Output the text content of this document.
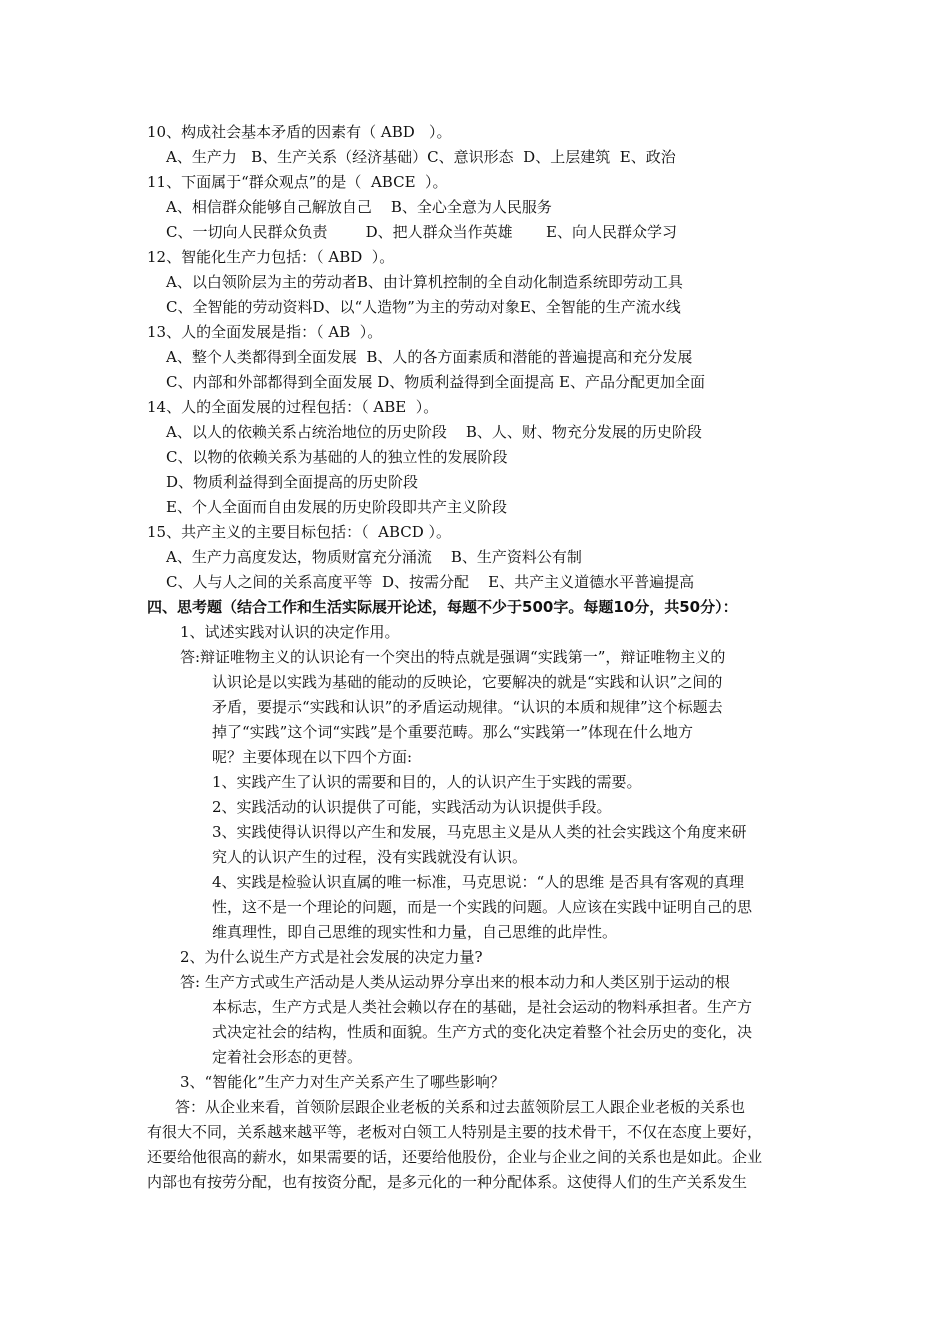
10、构成社会基本矛盾的因素有（ ABD   ）。
A、生产力   B、生产关系（经济基础）C、意识形态  D、上层建筑  E、政治
11、下面属于“群众观点”的是（  ABCE  ）。
A、相信群众能够自己解放自己    B、全心全意为人民服务
C、一切向人民群众负责        D、把人群众当作英雄       E、向人民群众学习
12、智能化生产力包括：（ ABD  ）。
A、以白领阶层为主的劳动者B、由计算机控制的全自动化制造系统即劳动工具
C、全智能的劳动资料D、以“人造物”为主的劳动对象E、全智能的生产流水线
13、人的全面发展是指：（ AB  ）。
A、整个人类都得到全面发展  B、人的各方面素质和潜能的普遍提高和充分发展
C、内部和外部都得到全面发展 D、物质利益得到全面提高 E、产品分配更加全面
14、人的全面发展的过程包括：（ ABE  ）。
A、以人的依赖关系占统治地位的历史阶段    B、人、财、物充分发展的历史阶段
C、以物的依赖关系为基础的人的独立性的发展阶段
D、物质利益得到全面提高的历史阶段
E、个人全面而自由发展的历史阶段即共产主义阶段
15、共产主义的主要目标包括：（  ABCD ）。
A、生产力高度发达，物质财富充分涌流    B、生产资料公有制
C、人与人之间的关系高度平等  D、按需分配    E、共产主义道德水平普遍提高
四、思考题（结合工作和生活实际展开论述，每题不少于500字。每题10分，共50分）：
1、试述实践对认识的决定作用。
答:辩证唯物主义的认识论有一个突出的特点就是强调“实践第一”，辩证唯物主义的
认识论是以实践为基础的能动的反映论，它要解决的就是“实践和认识”之间的
矛盾，要提示“实践和认识”的矛盾运动规律。“认识的本质和规律”这个标题去
掉了“实践”这个词“实践”是个重要范畴。那么“实践第一”体现在什么地方
呢？主要体现在以下四个方面:
1、实践产生了认识的需要和目的，人的认识产生于实践的需要。
2、实践活动的认识提供了可能，实践活动为认识提供手段。
3、实践使得认识得以产生和发展，马克思主义是从人类的社会实践这个角度来研
究人的认识产生的过程，没有实践就没有认识。
4、实践是检验认识直属的唯一标准，马克思说：“人的思维 是否具有客观的真理
性，这不是一个理论的问题，而是一个实践的问题。人应该在实践中证明自己的思
维真理性，即自己思维的现实性和力量，自己思维的此岸性。
2、为什么说生产方式是社会发展的决定力量?
答: 生产方式或生产活动是人类从运动界分享出来的根本动力和人类区别于运动的根
本标志，生产方式是人类社会赖以存在的基础，是社会运动的物料承担者。生产方
式决定社会的结构，性质和面貌。生产方式的变化决定着整个社会历史的变化，决
定着社会形态的更替。
3、“智能化”生产力对生产关系产生了哪些影响？
答：从企业来看，首领阶层跟企业老板的关系和过去蓝领阶层工人跟企业老板的关系也
有很大不同，关系越来越平等，老板对白领工人特别是主要的技术骨干，不仅在态度上要好，
还要给他很高的薪水，如果需要的话，还要给他股份，企业与企业之间的关系也是如此。企业
内部也有按劳分配，也有按资分配，是多元化的一种分配体系。这使得人们的生产关系发生
